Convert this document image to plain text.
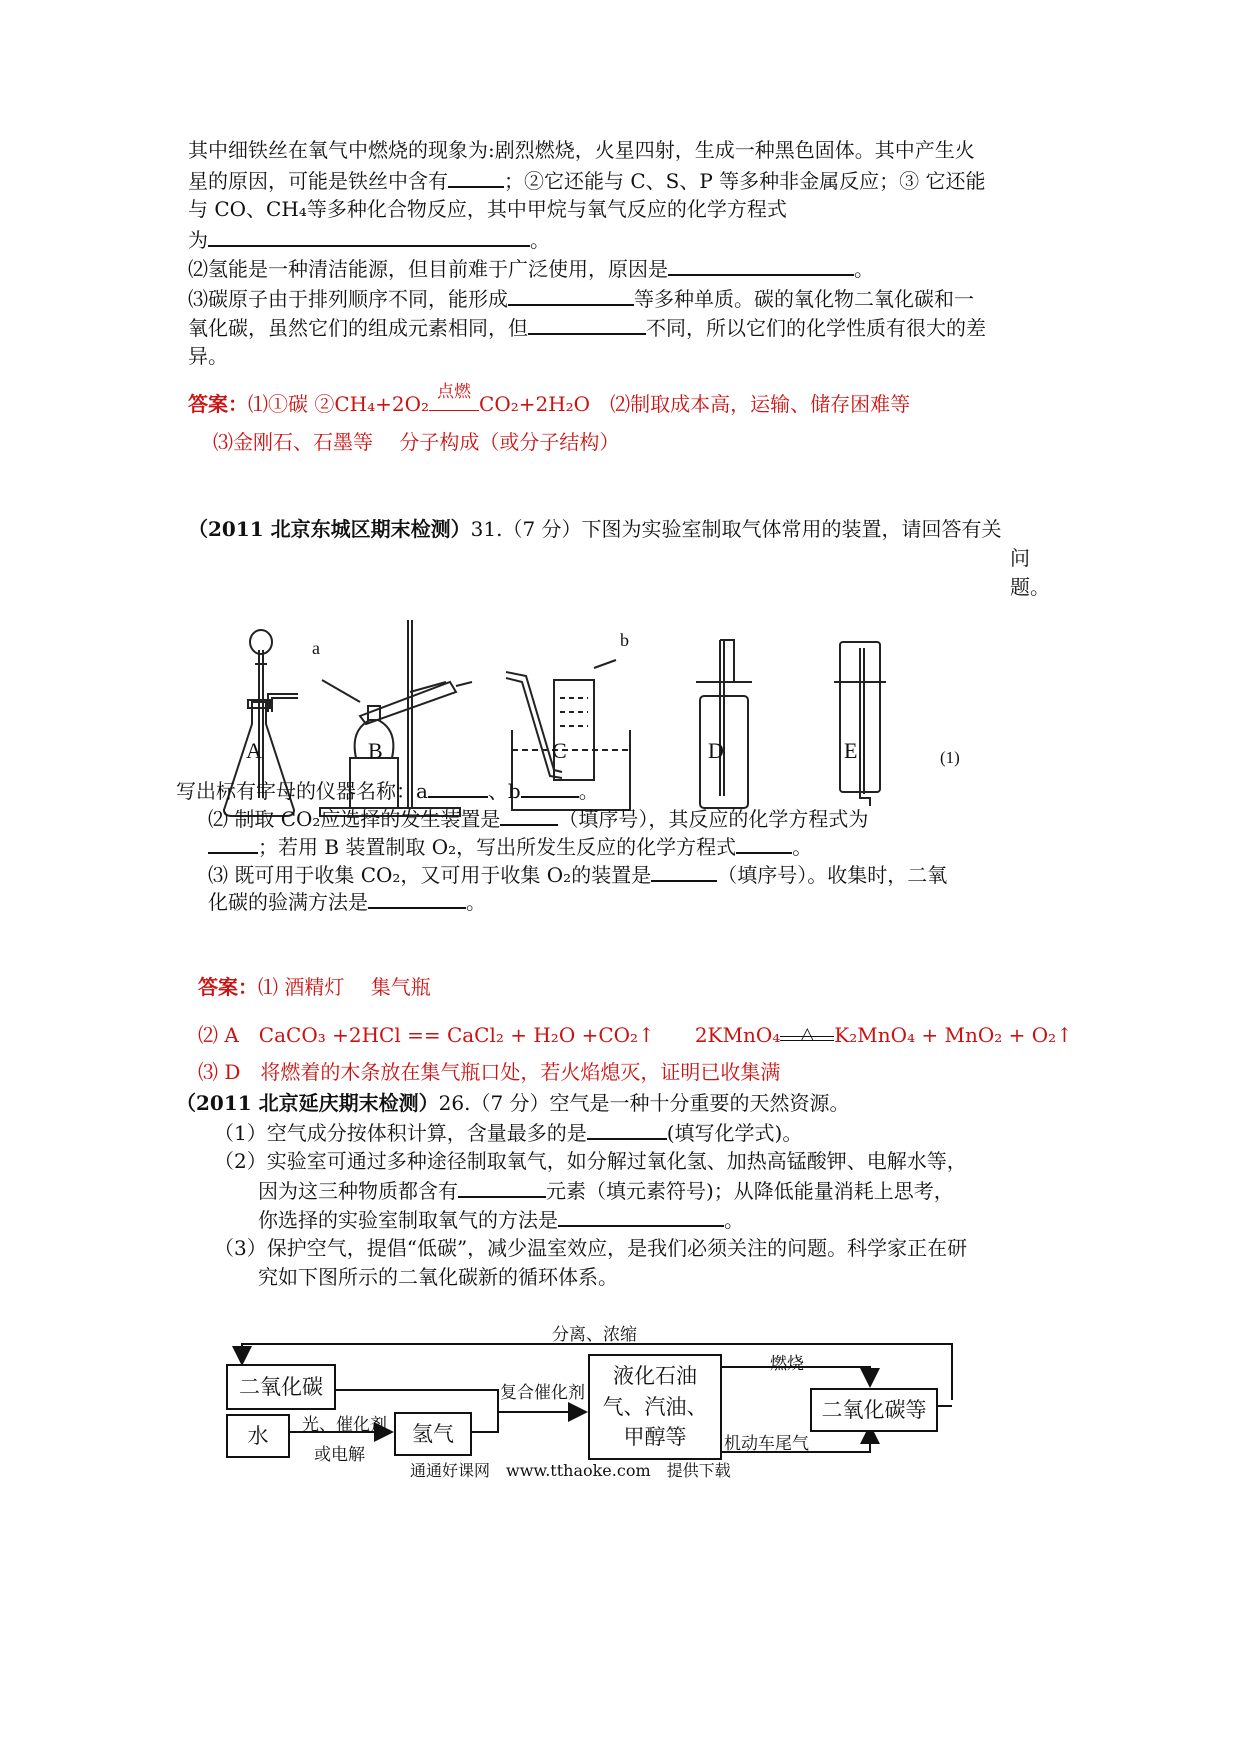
其中细铁丝在氧气中燃烧的现象为:剧烈燃烧，火星四射，生成一种黑色固体。其中产生火
星的原因，可能是铁丝中含有	；②它还能与 C、S、P 等多种非金属反应；③ 它还能
与 CO、CH₄等多种化合物反应，其中甲烷与氧气反应的化学方程式
为	。
⑵氢能是一种清洁能源，但目前难于广泛使用，原因是	。
⑶碳原子由于排列顺序不同，能形成	等多种单质。碳的氧化物二氧化碳和一
氧化碳，虽然它们的组成元素相同，但	不同，所以它们的化学性质有很大的差
异。
答案：⑴①碳 ②CH₄+2O₂ 点燃 CO₂+2H₂O　 ⑵制取成本高，运输、储存困难等
⑶金刚石、石墨等　 分子构成（或分子结构）
（2011 北京东城区期末检测）31.（7 分）下图为实验室制取气体常用的装置，请回答有关
问
题。
A	B	C	D	E
a	b
(1)
写出标有字母的仪器名称：a	、b	。
⑵ 制取 CO₂应选择的发生装置是	（填序号），其反应的化学方程式为
；若用 B 装置制取 O₂，写出所发生反应的化学方程式	。
⑶ 既可用于收集 CO₂，又可用于收集 O₂的装置是	（填序号）。收集时，二氧
化碳的验满方法是	。
答案：⑴ 酒精灯　 集气瓶
⑵ A　CaCO₃ +2HCl == CaCl₂ + H₂O +CO₂↑　　 2KMnO₄	△	K₂MnO₄ + MnO₂ + O₂↑
⑶ D　将燃着的木条放在集气瓶口处，若火焰熄灭，证明已收集满
（2011 北京延庆期末检测）26.（7 分）空气是一种十分重要的天然资源。
（1）空气成分按体积计算，含量最多的是	(填写化学式)。
（2）实验室可通过多种途径制取氧气，如分解过氧化氢、加热高锰酸钾、电解水等，
因为这三种物质都含有	元素（填元素符号)；从降低能量消耗上思考，
你选择的实验室制取氧气的方法是	。
（3）保护空气，提倡“低碳”，减少温室效应，是我们必须关注的问题。科学家正在研
究如下图所示的二氧化碳新的循环体系。
二氧化碳
水	氢气
液化石油
气、汽油、
甲醇等
二氧化碳等
分离、浓缩
复合催化剂
光、催化剂
或电解
燃烧
机动车尾气
通通好课网　www.tthaoke.com　提供下载
